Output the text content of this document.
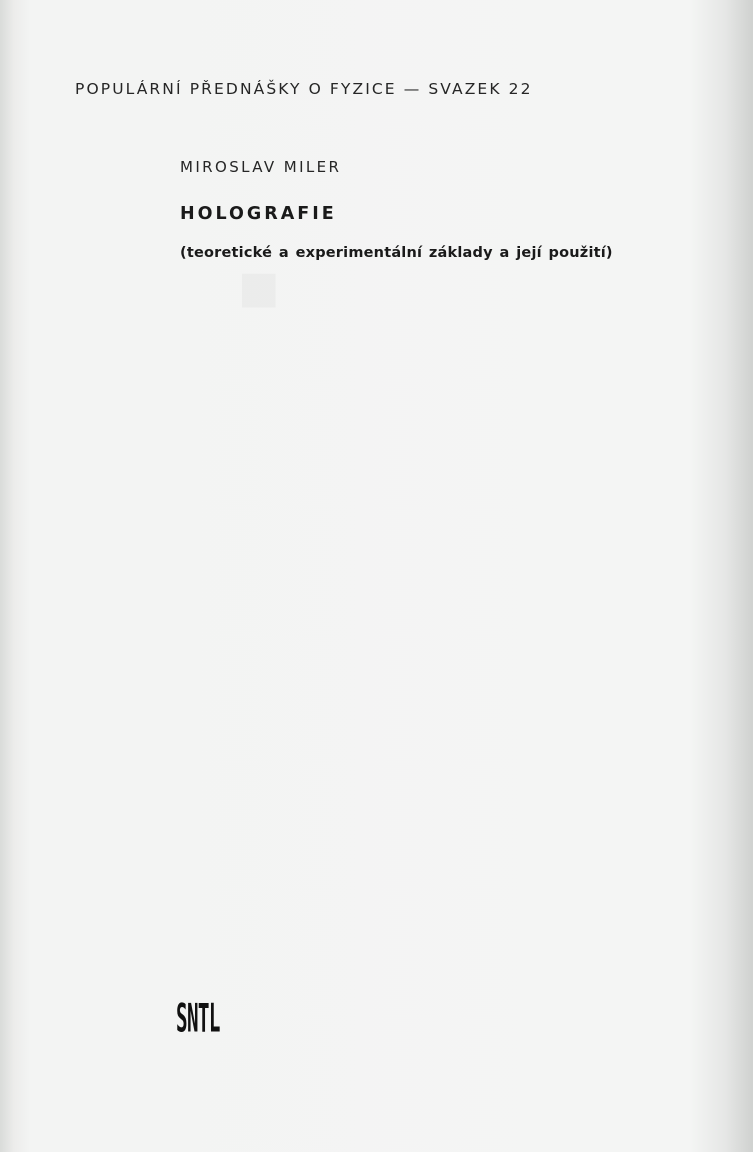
■
POPULÁRNÍ PŘEDNÁŠKY O FYZICE — SVAZEK 22
MIROSLAV MILER
HOLOGRAFIE
(teoretické a experimentální základy a její použití)
SNTL
